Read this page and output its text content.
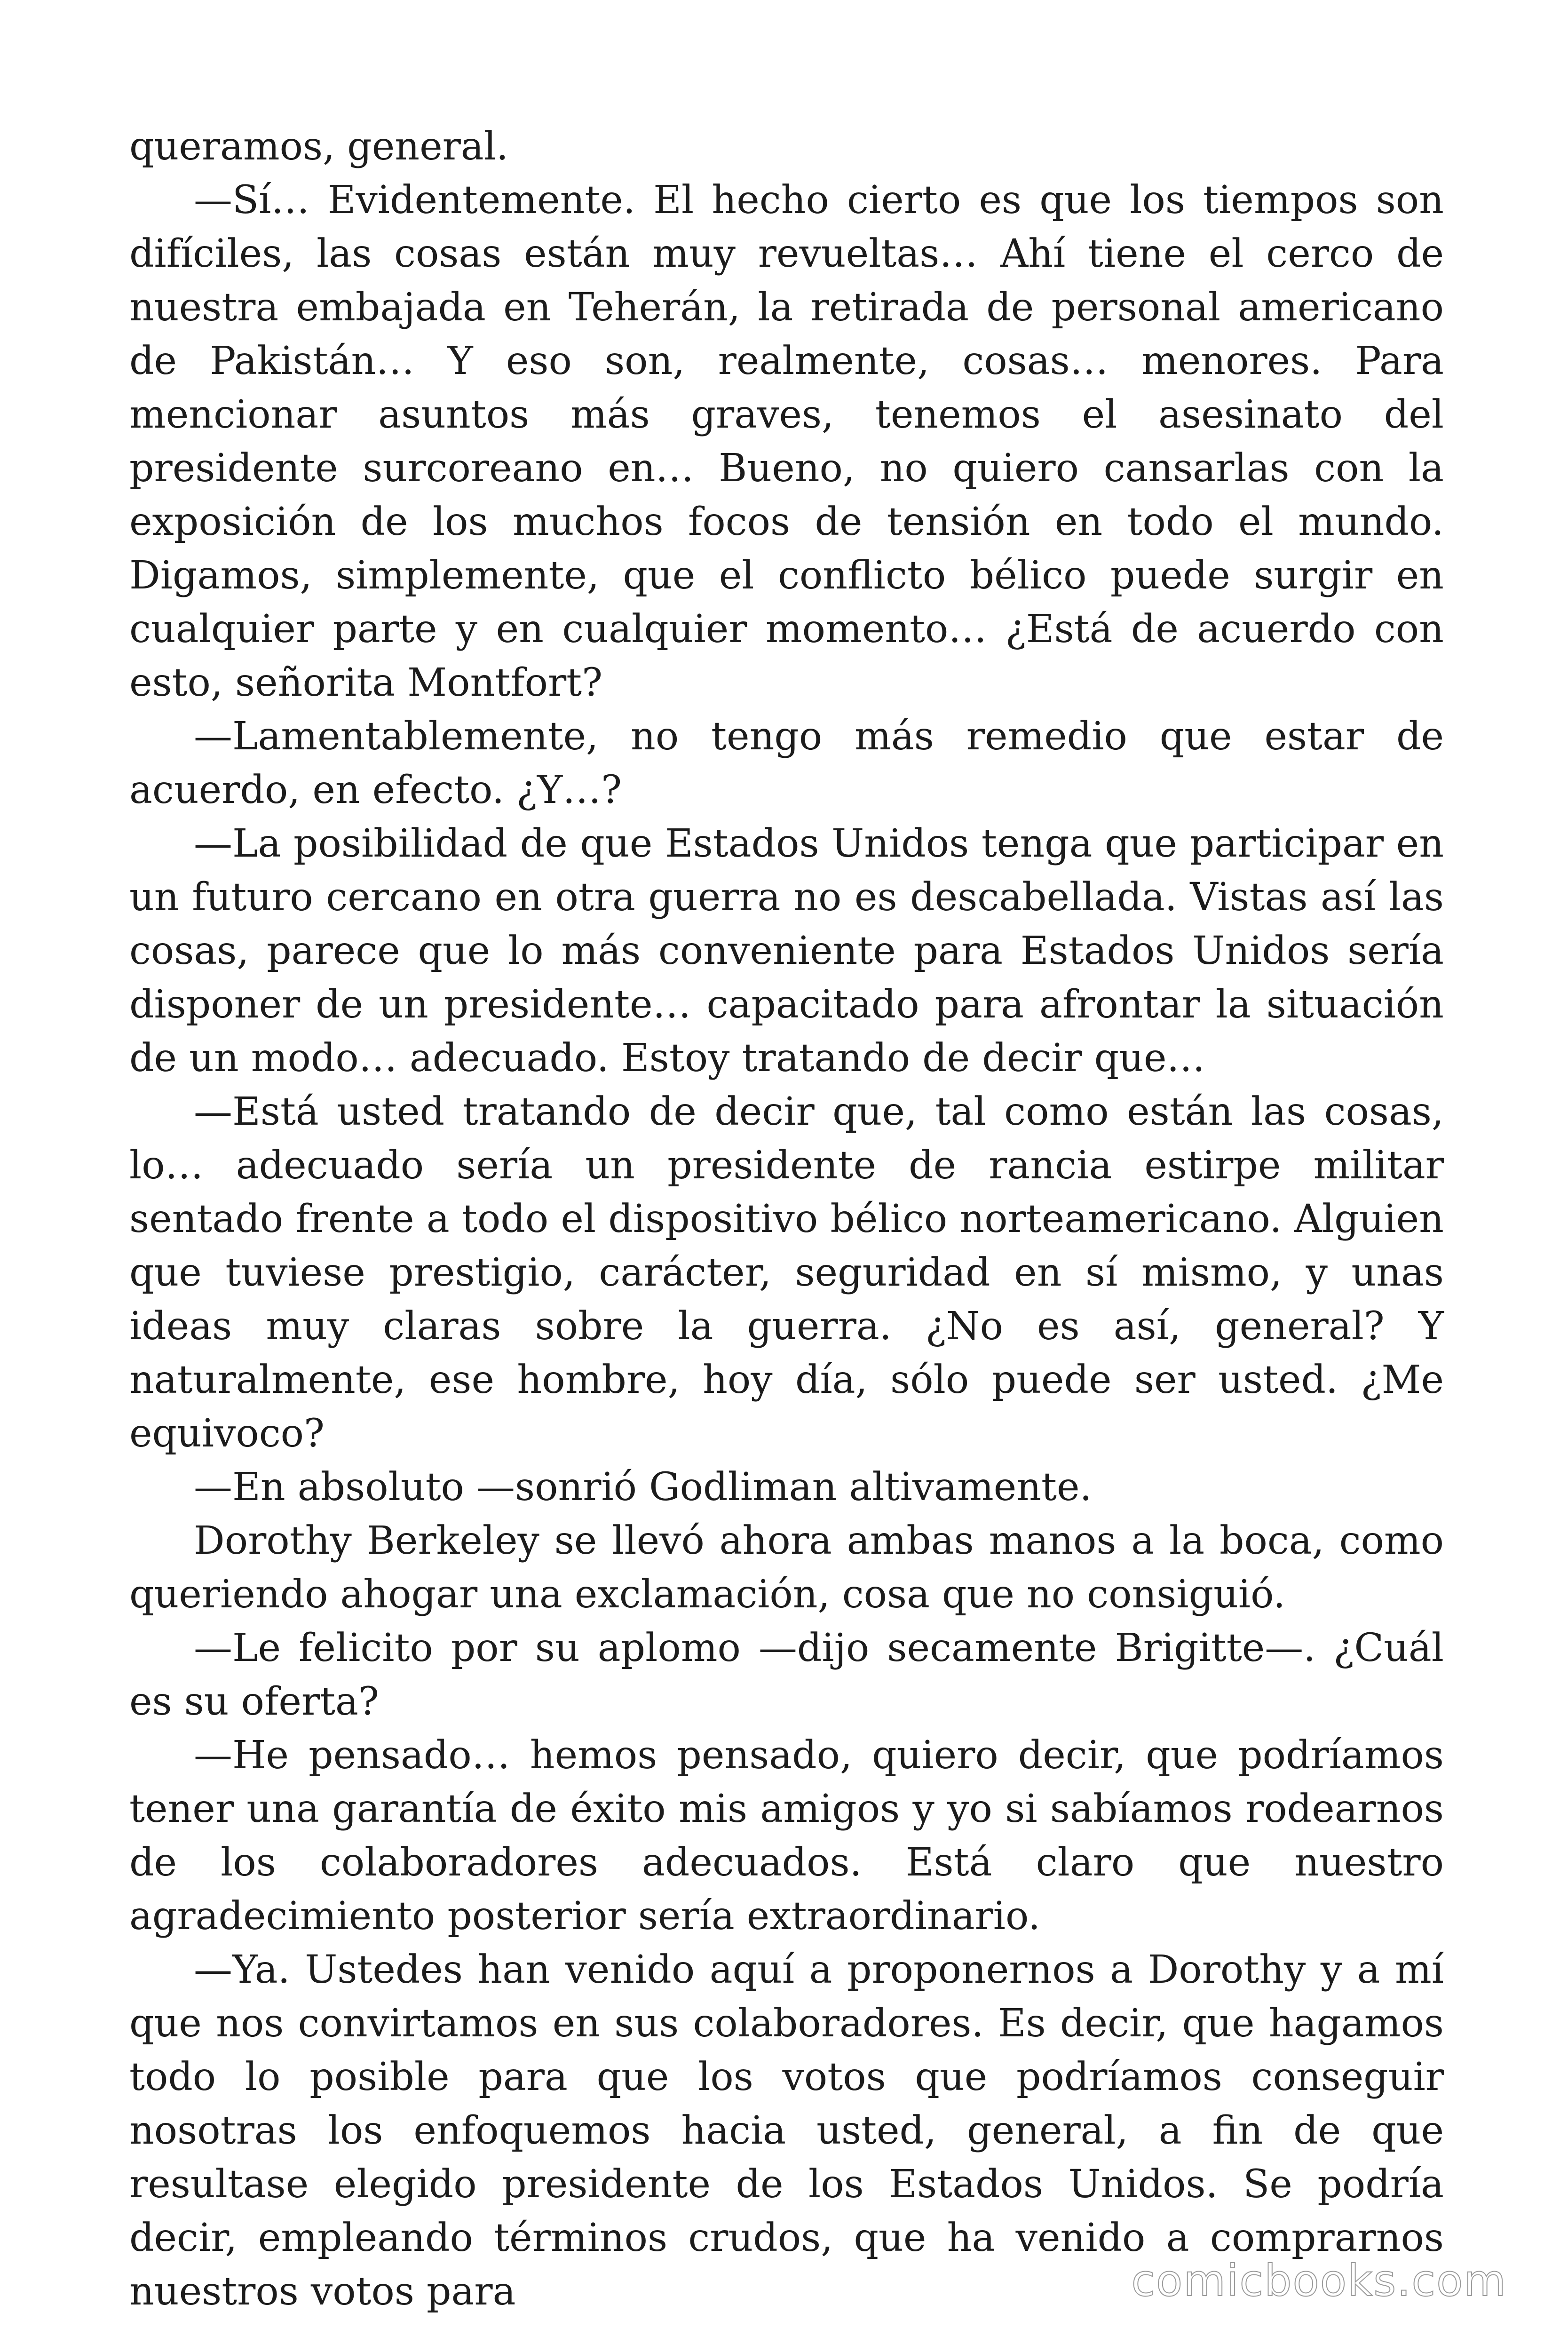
queramos, general.

—Sí… Evidentemente. El hecho cierto es que los tiempos son difíciles, las cosas están muy revueltas… Ahí tiene el cerco de nuestra embajada en Teherán, la retirada de personal americano de Pakistán… Y eso son, realmente, cosas… menores. Para mencionar asuntos más graves, tenemos el asesinato del presidente surcoreano en… Bueno, no quiero cansarlas con la exposición de los muchos focos de tensión en todo el mundo. Digamos, simplemente, que el conflicto bélico puede surgir en cualquier parte y en cualquier momento… ¿Está de acuerdo con esto, señorita Montfort?

—Lamentablemente, no tengo más remedio que estar de acuerdo, en efecto. ¿Y…?

—La posibilidad de que Estados Unidos tenga que participar en un futuro cercano en otra guerra no es descabellada. Vistas así las cosas, parece que lo más conveniente para Estados Unidos sería disponer de un presidente… capacitado para afrontar la situación de un modo… adecuado. Estoy tratando de decir que…

—Está usted tratando de decir que, tal como están las cosas, lo… adecuado sería un presidente de rancia estirpe militar sentado frente a todo el dispositivo bélico norteamericano. Alguien que tuviese prestigio, carácter, seguridad en sí mismo, y unas ideas muy claras sobre la guerra. ¿No es así, general? Y naturalmente, ese hombre, hoy día, sólo puede ser usted. ¿Me equivoco?

—En absoluto —sonrió Godliman altivamente.

Dorothy Berkeley se llevó ahora ambas manos a la boca, como queriendo ahogar una exclamación, cosa que no consiguió.

—Le felicito por su aplomo —dijo secamente Brigitte—. ¿Cuál es su oferta?

—He pensado… hemos pensado, quiero decir, que podríamos tener una garantía de éxito mis amigos y yo si sabíamos rodearnos de los colaboradores adecuados. Está claro que nuestro agradecimiento posterior sería extraordinario.

—Ya. Ustedes han venido aquí a proponernos a Dorothy y a mí que nos convirtamos en sus colaboradores. Es decir, que hagamos todo lo posible para que los votos que podríamos conseguir nosotras los enfoquemos hacia usted, general, a fin de que resultase elegido presidente de los Estados Unidos. Se podría decir, empleando términos crudos, que ha venido a comprarnos nuestros votos para	comicbooks.com
